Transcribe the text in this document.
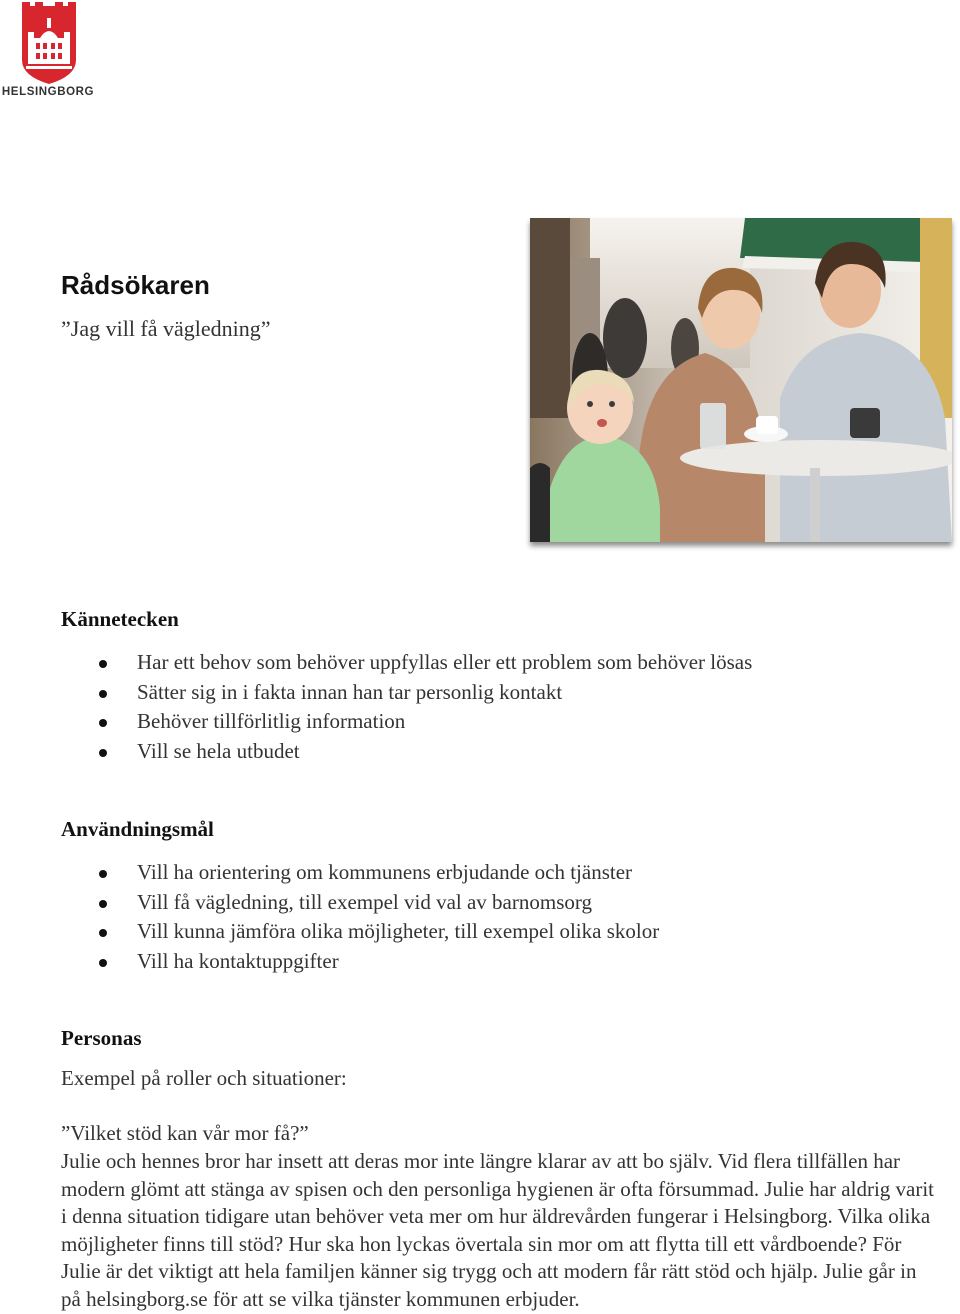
HELSINGBORG
Rådsökaren
”Jag vill få vägledning”
Kännetecken
Har ett behov som behöver uppfyllas eller ett problem som behöver lösas
Sätter sig in i fakta innan han tar personlig kontakt
Behöver tillförlitlig information
Vill se hela utbudet
Användningsmål
Vill ha orientering om kommunens erbjudande och tjänster
Vill få vägledning, till exempel vid val av barnomsorg
Vill kunna jämföra olika möjligheter, till exempel olika skolor
Vill ha kontaktuppgifter
Personas
Exempel på roller och situationer:
”Vilket stöd kan vår mor få?”

Julie och hennes bror har insett att deras mor inte längre klarar av att bo själv. Vid flera tillfällen har modern glömt att stänga av spisen och den personliga hygienen är ofta försummad. Julie har aldrig varit i denna situation tidigare utan behöver veta mer om hur äldrevården fungerar i Helsingborg. Vilka olika möjligheter finns till stöd? Hur ska hon lyckas övertala sin mor om att flytta till ett vårdboende? För Julie är det viktigt att hela familjen känner sig trygg och att modern får rätt stöd och hjälp. Julie går in på helsingborg.se för att se vilka tjänster kommunen erbjuder.
